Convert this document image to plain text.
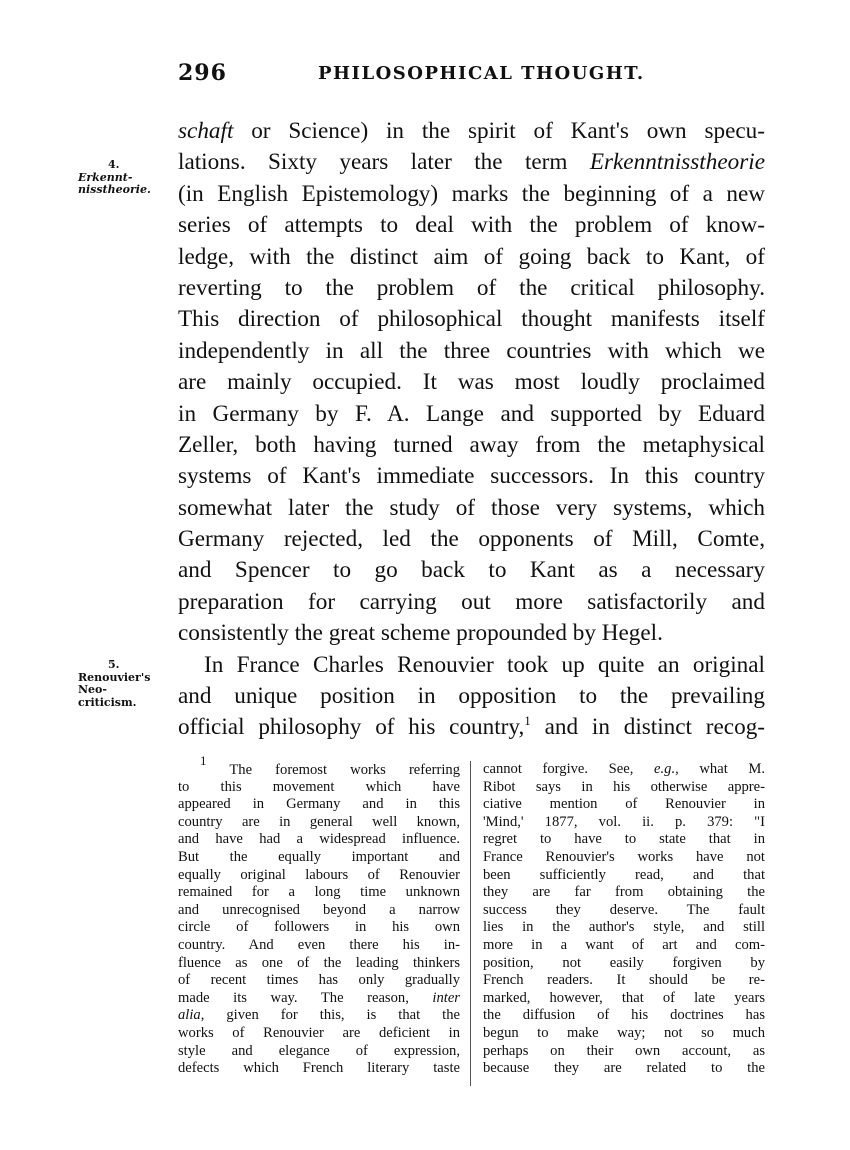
296	PHILOSOPHICAL THOUGHT.
4.
Erkennt-
nisstheorie.
5.
Renouvier's
Neo-
criticism.
schaft or Science) in the spirit of Kant's own specu-
lations. Sixty years later the term Erkenntnisstheorie
(in English Epistemology) marks the beginning of a new
series of attempts to deal with the problem of know-
ledge, with the distinct aim of going back to Kant, of
reverting to the problem of the critical philosophy.
This direction of philosophical thought manifests itself
independently in all the three countries with which we
are mainly occupied. It was most loudly proclaimed
in Germany by F. A. Lange and supported by Eduard
Zeller, both having turned away from the metaphysical
systems of Kant's immediate successors. In this country
somewhat later the study of those very systems, which
Germany rejected, led the opponents of Mill, Comte,
and Spencer to go back to Kant as a necessary
preparation for carrying out more satisfactorily and
consistently the great scheme propounded by Hegel.
In France Charles Renouvier took up quite an original
and unique position in opposition to the prevailing
official philosophy of his country,$^1$ and in distinct recog-
$^1$ The foremost works referring
to this movement which have
appeared in Germany and in this
country are in general well known,
and have had a widespread influence.
But the equally important and
equally original labours of Renouvier
remained for a long time unknown
and unrecognised beyond a narrow
circle of followers in his own
country. And even there his in-
fluence as one of the leading thinkers
of recent times has only gradually
made its way. The reason, inter
alia, given for this, is that the
works of Renouvier are deficient in
style and elegance of expression,
defects which French literary taste
cannot forgive. See, e.g., what M.
Ribot says in his otherwise appre-
ciative mention of Renouvier in
'Mind,' 1877, vol. ii. p. 379: "I
regret to have to state that in
France Renouvier's works have not
been sufficiently read, and that
they are far from obtaining the
success they deserve. The fault
lies in the author's style, and still
more in a want of art and com-
position, not easily forgiven by
French readers. It should be re-
marked, however, that of late years
the diffusion of his doctrines has
begun to make way; not so much
perhaps on their own account, as
because they are related to the
